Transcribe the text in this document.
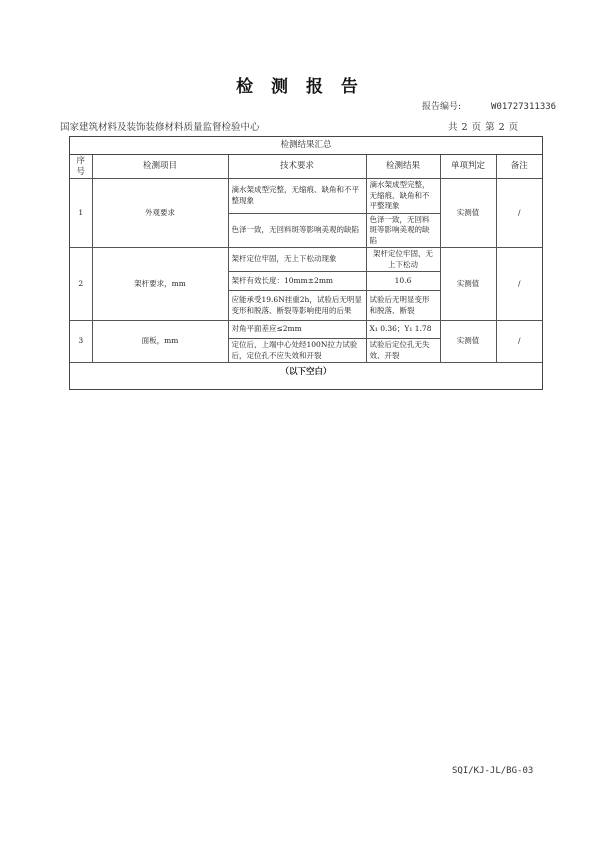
检 测 报 告
报告编号:	W01727311336
国家建筑材料及装饰装修材料质量监督检验中心	共 2 页 第 2 页
检测结果汇总
序号	检测项目	技术要求	检测结果	单项判定	备注
1	外观要求	滴水架成型完整，无缩痕、缺角和不平整现象	滴水架成型完整，无缩痕、缺角和不平整现象	实测值	/
		色泽一致，无回料斑等影响美观的缺陷	色泽一致，无回料斑等影响美观的缺陷		
2	架杆要求，mm	架杆定位牢固，无上下松动现象	架杆定位牢固，无上下松动	实测值	/
		架杆有效长度：10mm±2mm	10.6		
		应能承受19.6N挂重2h，试验后无明显变形和脱落、断裂等影响使用的后果	试验后无明显变形和脱落、断裂		
3	面板，mm	对角平面差应≤2mm	X₁ 0.36；Y₁ 1.78	实测值	/
		定位后，上端中心处经100N拉力试验后，定位孔不应失效和开裂	试验后定位孔无失效、开裂		
（以下空白）					
SQI/KJ-JL/BG-03
